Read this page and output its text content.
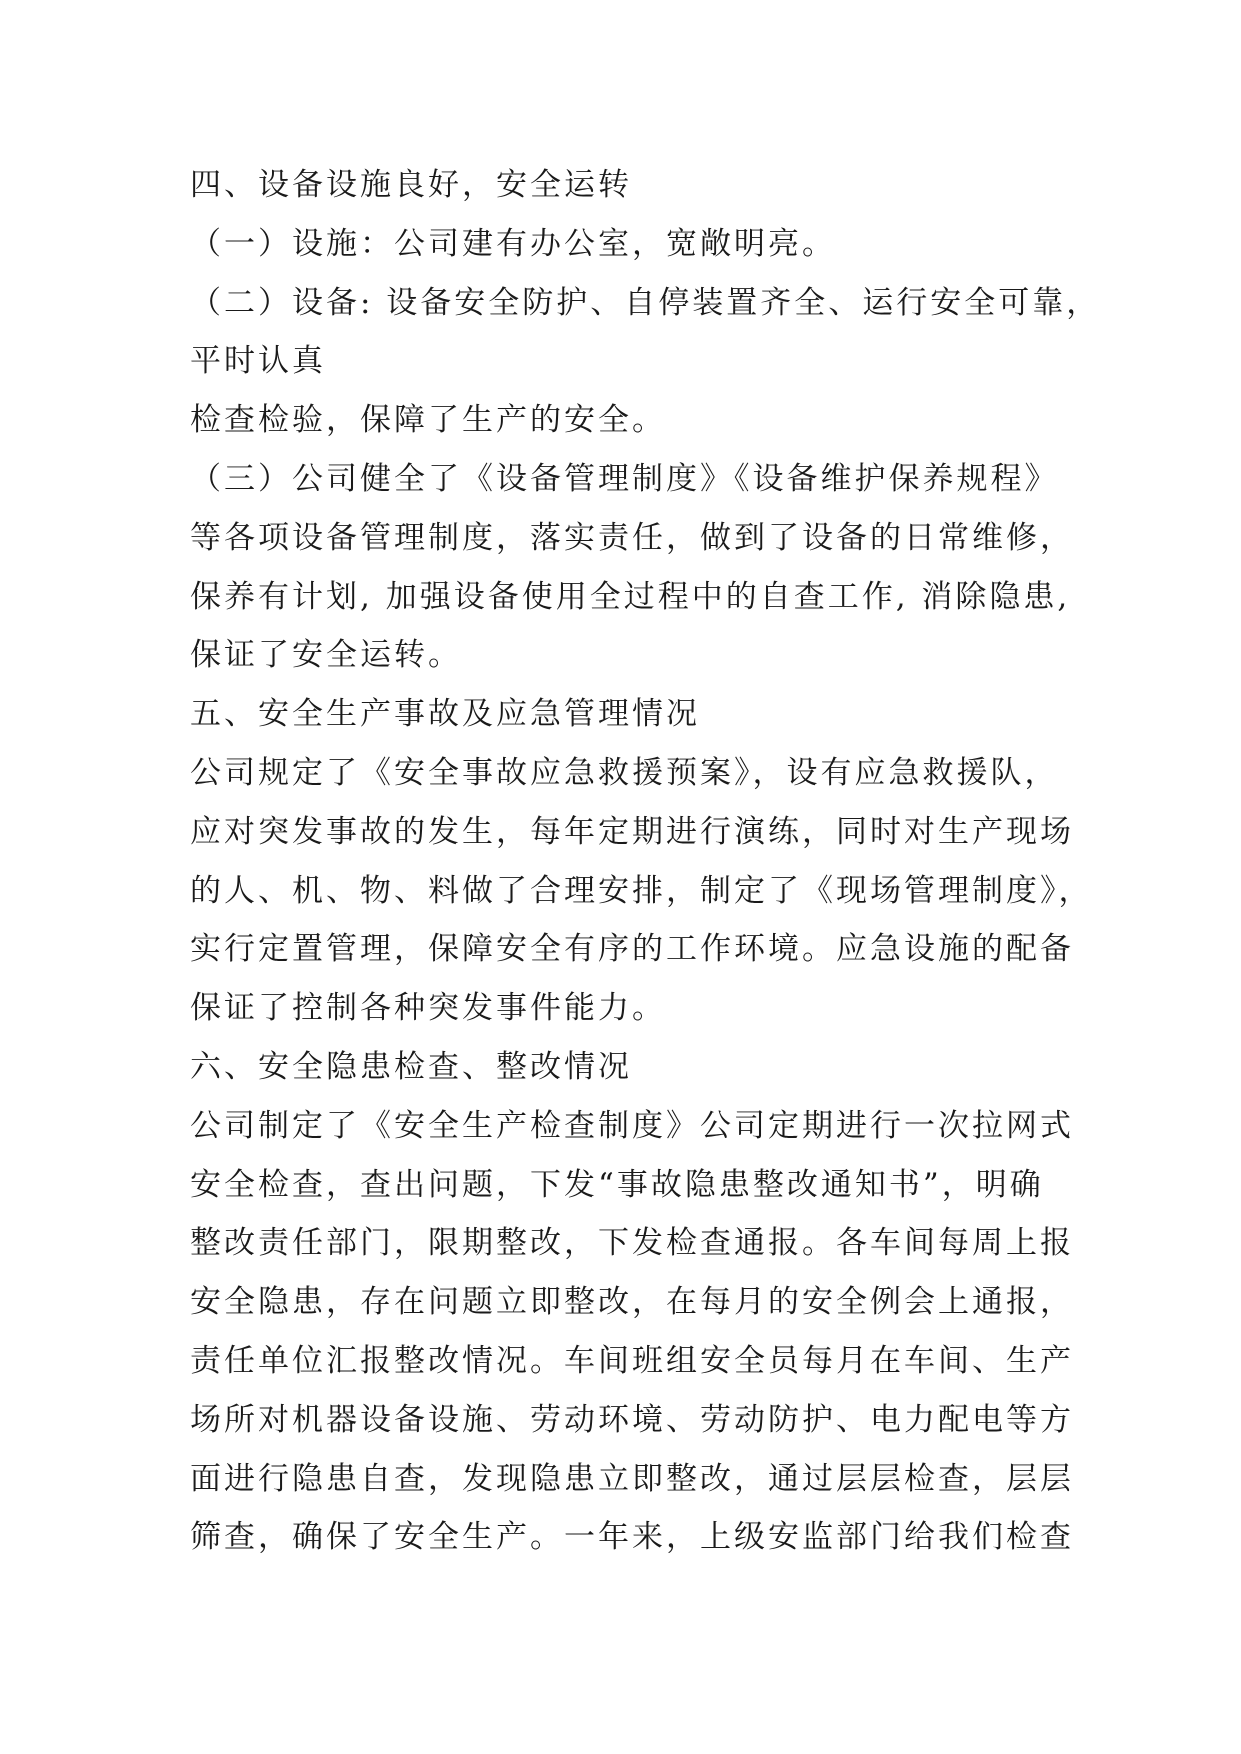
四、设备设施良好，安全运转
（一）设施：公司建有办公室，宽敞明亮。
（二）设备: 设备安全防护、自停装置齐全、运行安全可靠，
平时认真
检查检验，保障了生产的安全。
（三）公司健全了《设备管理制度》《设备维护保养规程》
等各项设备管理制度，落实责任，做到了设备的日常维修，
保养有计划, 加强设备使用全过程中的自查工作, 消除隐患,
保证了安全运转。
五、安全生产事故及应急管理情况
公司规定了《安全事故应急救援预案》，设有应急救援队，
应对突发事故的发生，每年定期进行演练，同时对生产现场
的人、机、物、料做了合理安排，制定了《现场管理制度》，
实行定置管理，保障安全有序的工作环境。应急设施的配备
保证了控制各种突发事件能力。
六、安全隐患检查、整改情况
公司制定了《安全生产检查制度》公司定期进行一次拉网式
安全检查，查出问题，下发“事故隐患整改通知书”，明确
整改责任部门，限期整改，下发检查通报。各车间每周上报
安全隐患，存在问题立即整改，在每月的安全例会上通报，
责任单位汇报整改情况。车间班组安全员每月在车间、生产
场所对机器设备设施、劳动环境、劳动防护、电力配电等方
面进行隐患自查，发现隐患立即整改，通过层层检查，层层
筛查，确保了安全生产。一年来，上级安监部门给我们检查
